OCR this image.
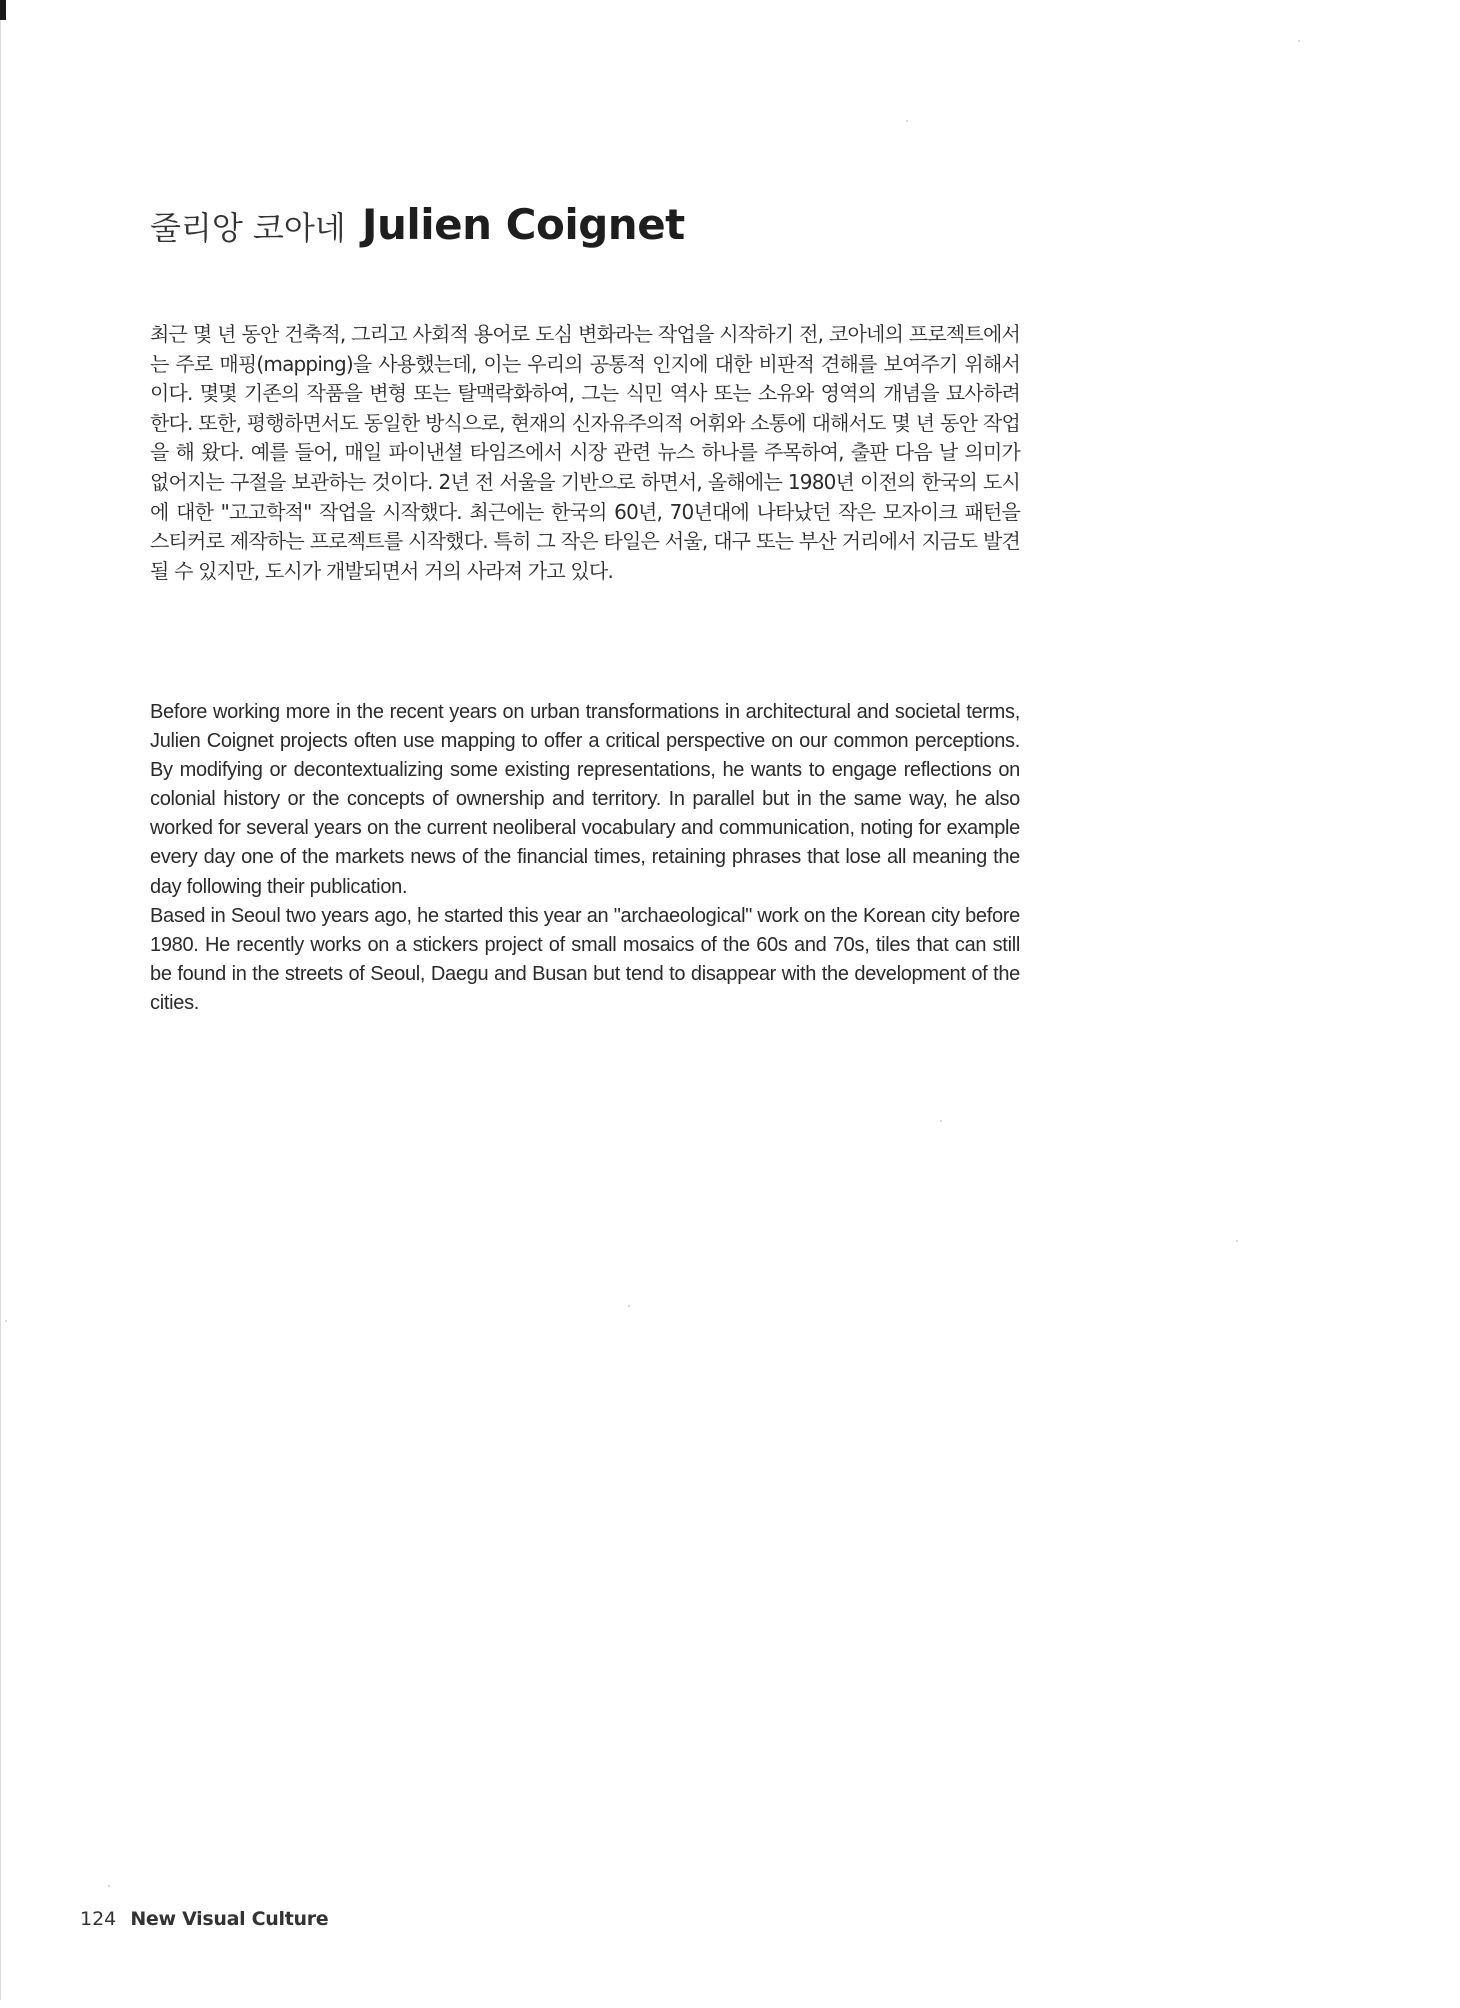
줄리앙 코아네 Julien Coignet

최근 몇 년 동안 건축적, 그리고 사회적 용어로 도심 변화라는 작업을 시작하기 전, 코아네의 프로젝트에서는 주로 매핑(mapping)을 사용했는데, 이는 우리의 공통적 인지에 대한 비판적 견해를 보여주기 위해서이다. 몇몇 기존의 작품을 변형 또는 탈맥락화하여, 그는 식민 역사 또는 소유와 영역의 개념을 묘사하려 한다. 또한, 평행하면서도 동일한 방식으로, 현재의 신자유주의적 어휘와 소통에 대해서도 몇 년 동안 작업을 해 왔다. 예를 들어, 매일 파이낸셜 타임즈에서 시장 관련 뉴스 하나를 주목하여, 출판 다음 날 의미가 없어지는 구절을 보관하는 것이다. 2년 전 서울을 기반으로 하면서, 올해에는 1980년 이전의 한국의 도시에 대한 "고고학적" 작업을 시작했다. 최근에는 한국의 60년, 70년대에 나타났던 작은 모자이크 패턴을 스티커로 제작하는 프로젝트를 시작했다. 특히 그 작은 타일은 서울, 대구 또는 부산 거리에서 지금도 발견될 수 있지만, 도시가 개발되면서 거의 사라져 가고 있다.

Before working more in the recent years on urban transformations in architectural and societal terms, Julien Coignet projects often use mapping to offer a critical perspective on our common perceptions. By modifying or decontextualizing some existing representations, he wants to engage reflections on colonial history or the concepts of ownership and territory. In parallel but in the same way, he also worked for several years on the current neoliberal vocabulary and communication, noting for example every day one of the markets news of the financial times, retaining phrases that lose all meaning the day following their publication.
Based in Seoul two years ago, he started this year an "archaeological" work on the Korean city before 1980. He recently works on a stickers project of small mosaics of the 60s and 70s, tiles that can still be found in the streets of Seoul, Daegu and Busan but tend to disappear with the development of the cities.

124 New Visual Culture
